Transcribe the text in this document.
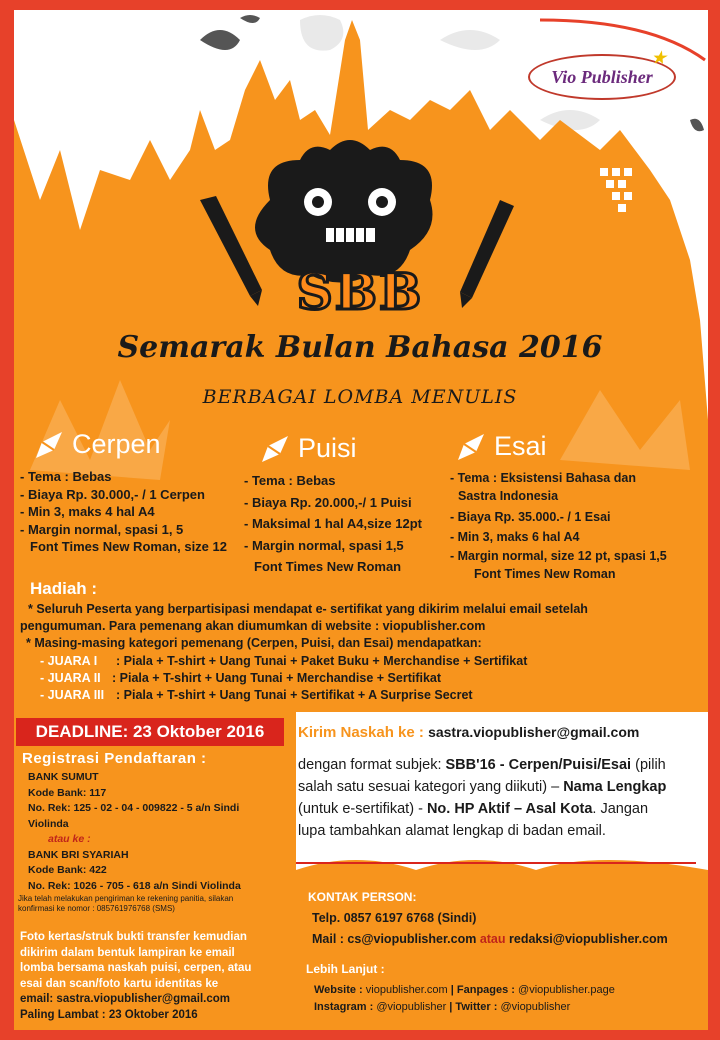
Vio Publisher
★
SBB
Semarak Bulan Bahasa 2016
BERBAGAI LOMBA MENULIS
Cerpen
- Tema : Bebas
- Biaya Rp. 30.000,- / 1 Cerpen
- Min 3, maks 4 hal A4
- Margin normal, spasi 1, 5
Font Times New Roman, size 12
Puisi
- Tema : Bebas
- Biaya Rp. 20.000,-/ 1 Puisi
- Maksimal 1 hal A4,size 12pt
- Margin normal, spasi 1,5
Font Times New Roman
Esai
- Tema : Eksistensi Bahasa dan
Sastra Indonesia
- Biaya Rp. 35.000.- / 1 Esai
- Min 3, maks 6 hal A4
- Margin normal, size 12 pt, spasi 1,5
Font Times New Roman
Hadiah :
* Seluruh Peserta yang berpartisipasi mendapat e- sertifikat yang dikirim melalui email setelah
pengumuman. Para pemenang akan diumumkan di website : viopublisher.com
* Masing-masing kategori pemenang (Cerpen, Puisi, dan Esai) mendapatkan:
- JUARA I : Piala + T-shirt + Uang Tunai + Paket Buku + Merchandise + Sertifikat
- JUARA II : Piala + T-shirt + Uang Tunai + Merchandise + Sertifikat
- JUARA III : Piala + T-shirt + Uang Tunai + Sertifikat + A Surprise Secret
DEADLINE: 23 Oktober 2016
Registrasi Pendaftaran :
BANK SUMUT
Kode Bank: 117
No. Rek: 125 - 02 - 04 - 009822 - 5 a/n Sindi
Violinda
atau ke :
BANK BRI SYARIAH
Kode Bank: 422
No. Rek: 1026 - 705 - 618 a/n Sindi Violinda
Jika telah melakukan pengiriman ke rekening panitia, silakan
konfirmasi ke nomor : 085761976768 (SMS)
Foto kertas/struk bukti transfer kemudian
dikirim dalam bentuk lampiran ke email
lomba bersama naskah puisi, cerpen, atau
esai dan scan/foto kartu identitas ke
email: sastra.viopublisher@gmail.com
Paling Lambat : 23 Oktober 2016
Kirim Naskah ke : sastra.viopublisher@gmail.com
dengan format subjek: SBB'16 - Cerpen/Puisi/Esai (pilih
salah satu sesuai kategori yang diikuti) – Nama Lengkap
(untuk e-sertifikat) - No. HP Aktif – Asal Kota. Jangan
lupa tambahkan alamat lengkap di badan email.
KONTAK PERSON:
Telp. 0857 6197 6768 (Sindi)
Mail : cs@viopublisher.com atau redaksi@viopublisher.com
Lebih Lanjut :
Website : viopublisher.com | Fanpages : @viopublisher.page
Instagram : @viopublisher | Twitter : @viopublisher
